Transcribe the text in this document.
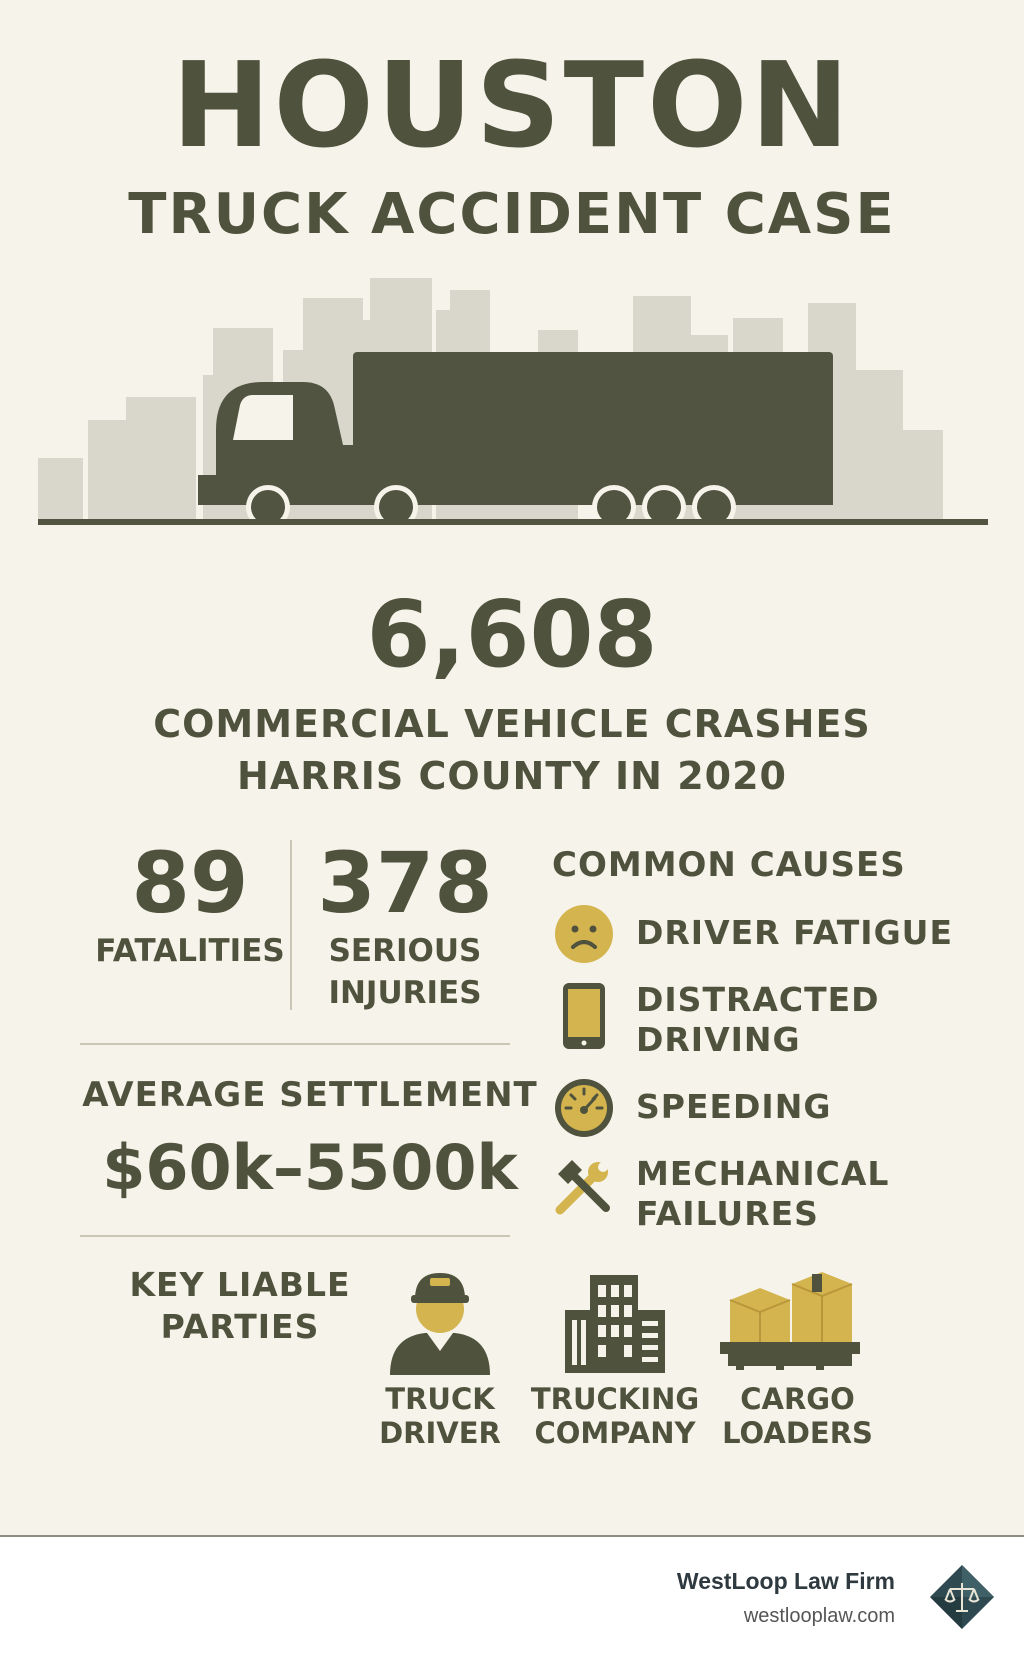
HOUSTON
TRUCK ACCIDENT CASE
6,608
COMMERCIAL VEHICLE CRASHES
HARRIS COUNTY IN 2020
89
FATALITIES
378
SERIOUS
INJURIES
AVERAGE SETTLEMENT
$60k–5500k
COMMON CAUSES
DRIVER FATIGUE
DISTRACTED
DRIVING
SPEEDING
MECHANICAL
FAILURES
KEY LIABLE
PARTIES
TRUCK
DRIVER
TRUCKING
COMPANY
CARGO
LOADERS
WestLoop Law Firm
westlooplaw.com
